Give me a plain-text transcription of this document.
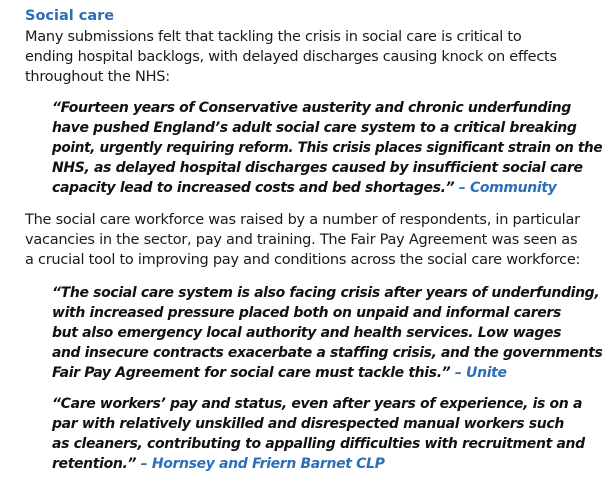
Social care

Many submissions felt that tackling the crisis in social care is critical to

ending hospital backlogs, with delayed discharges causing knock on effects

throughout the NHS:

“Fourteen years of Conservative austerity and chronic underfunding

have pushed England’s adult social care system to a critical breaking

point, urgently requiring reform. This crisis places significant strain on the

NHS, as delayed hospital discharges caused by insufficient social care

capacity lead to increased costs and bed shortages.” – Community

The social care workforce was raised by a number of respondents, in particular

vacancies in the sector, pay and training. The Fair Pay Agreement was seen as

a crucial tool to improving pay and conditions across the social care workforce:

“The social care system is also facing crisis after years of underfunding,

with increased pressure placed both on unpaid and informal carers

but also emergency local authority and health services. Low wages

and insecure contracts exacerbate a staffing crisis, and the governments

Fair Pay Agreement for social care must tackle this.” – Unite

“Care workers’ pay and status, even after years of experience, is on a

par with relatively unskilled and disrespected manual workers such

as cleaners, contributing to appalling difficulties with recruitment and

retention.” – Hornsey and Friern Barnet CLP
